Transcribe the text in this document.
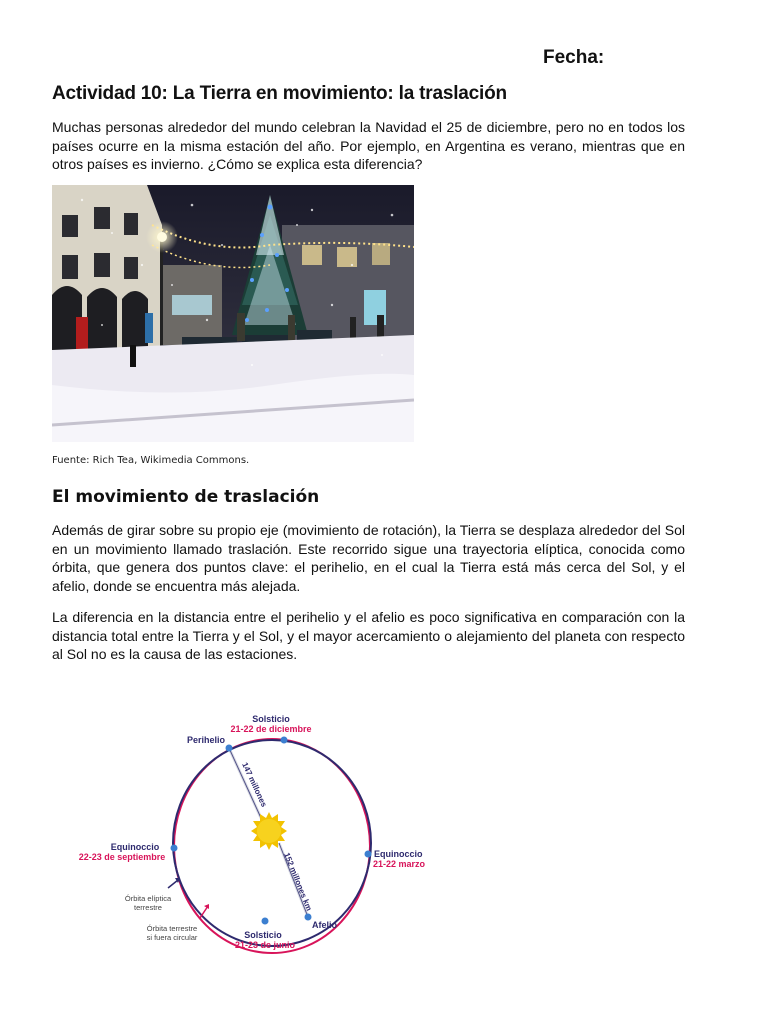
Fecha:
Actividad 10: La Tierra en movimiento: la traslación
Muchas personas alrededor del mundo celebran la Navidad el 25 de diciembre, pero no en todos los países ocurre en la misma estación del año. Por ejemplo, en Argentina es verano, mientras que en otros países es invierno. ¿Cómo se explica esta diferencia?
Fuente: Rich Tea, Wikimedia Commons.
El movimiento de traslación
Además de girar sobre su propio eje (movimiento de rotación), la Tierra se desplaza alrededor del Sol en un movimiento llamado traslación. Este recorrido sigue una trayectoria elíptica, conocida como órbita, que genera dos puntos clave: el perihelio, en el cual la Tierra está más cerca del Sol, y el afelio, donde se encuentra más alejada.
La diferencia en la distancia entre el perihelio y el afelio es poco significativa en comparación con la distancia total entre la Tierra y el Sol, y el mayor acercamiento o alejamiento del planeta con respecto al Sol no es la causa de las estaciones.
Solsticio
21-22 de diciembre
Perihelio
147 millones
152 millones km
Equinoccio
22-23 de septiembre	Equinoccio
21-22 marzo
Afelio
Solsticio
21-23 de junio
Órbita elíptica
terrestre
Órbita terrestre
si fuera circular
